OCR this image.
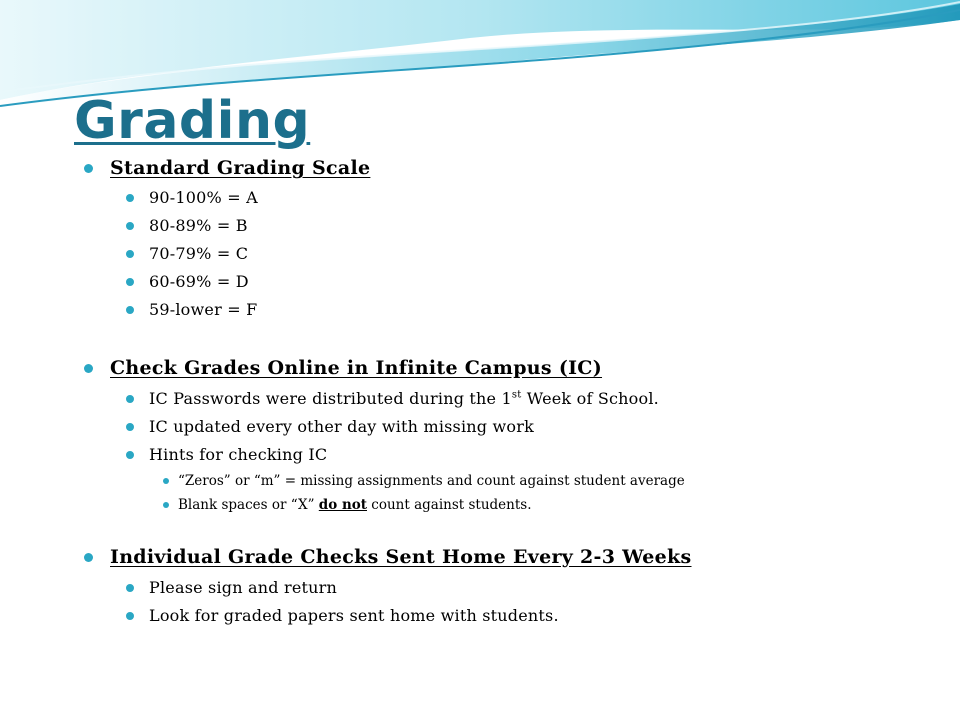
Grading
Standard Grading Scale
90-100% = A
80-89% = B
70-79% = C
60-69% = D
59-lower = F
Check Grades Online in Infinite Campus (IC)
IC Passwords were distributed during the 1st Week of School.
IC updated every other day with missing work
Hints for checking IC
“Zeros” or “m” = missing assignments and count against student average
Blank spaces or “X” do not count against students.
Individual Grade Checks Sent Home Every 2-3 Weeks
Please sign and return
Look for graded papers sent home with students.
